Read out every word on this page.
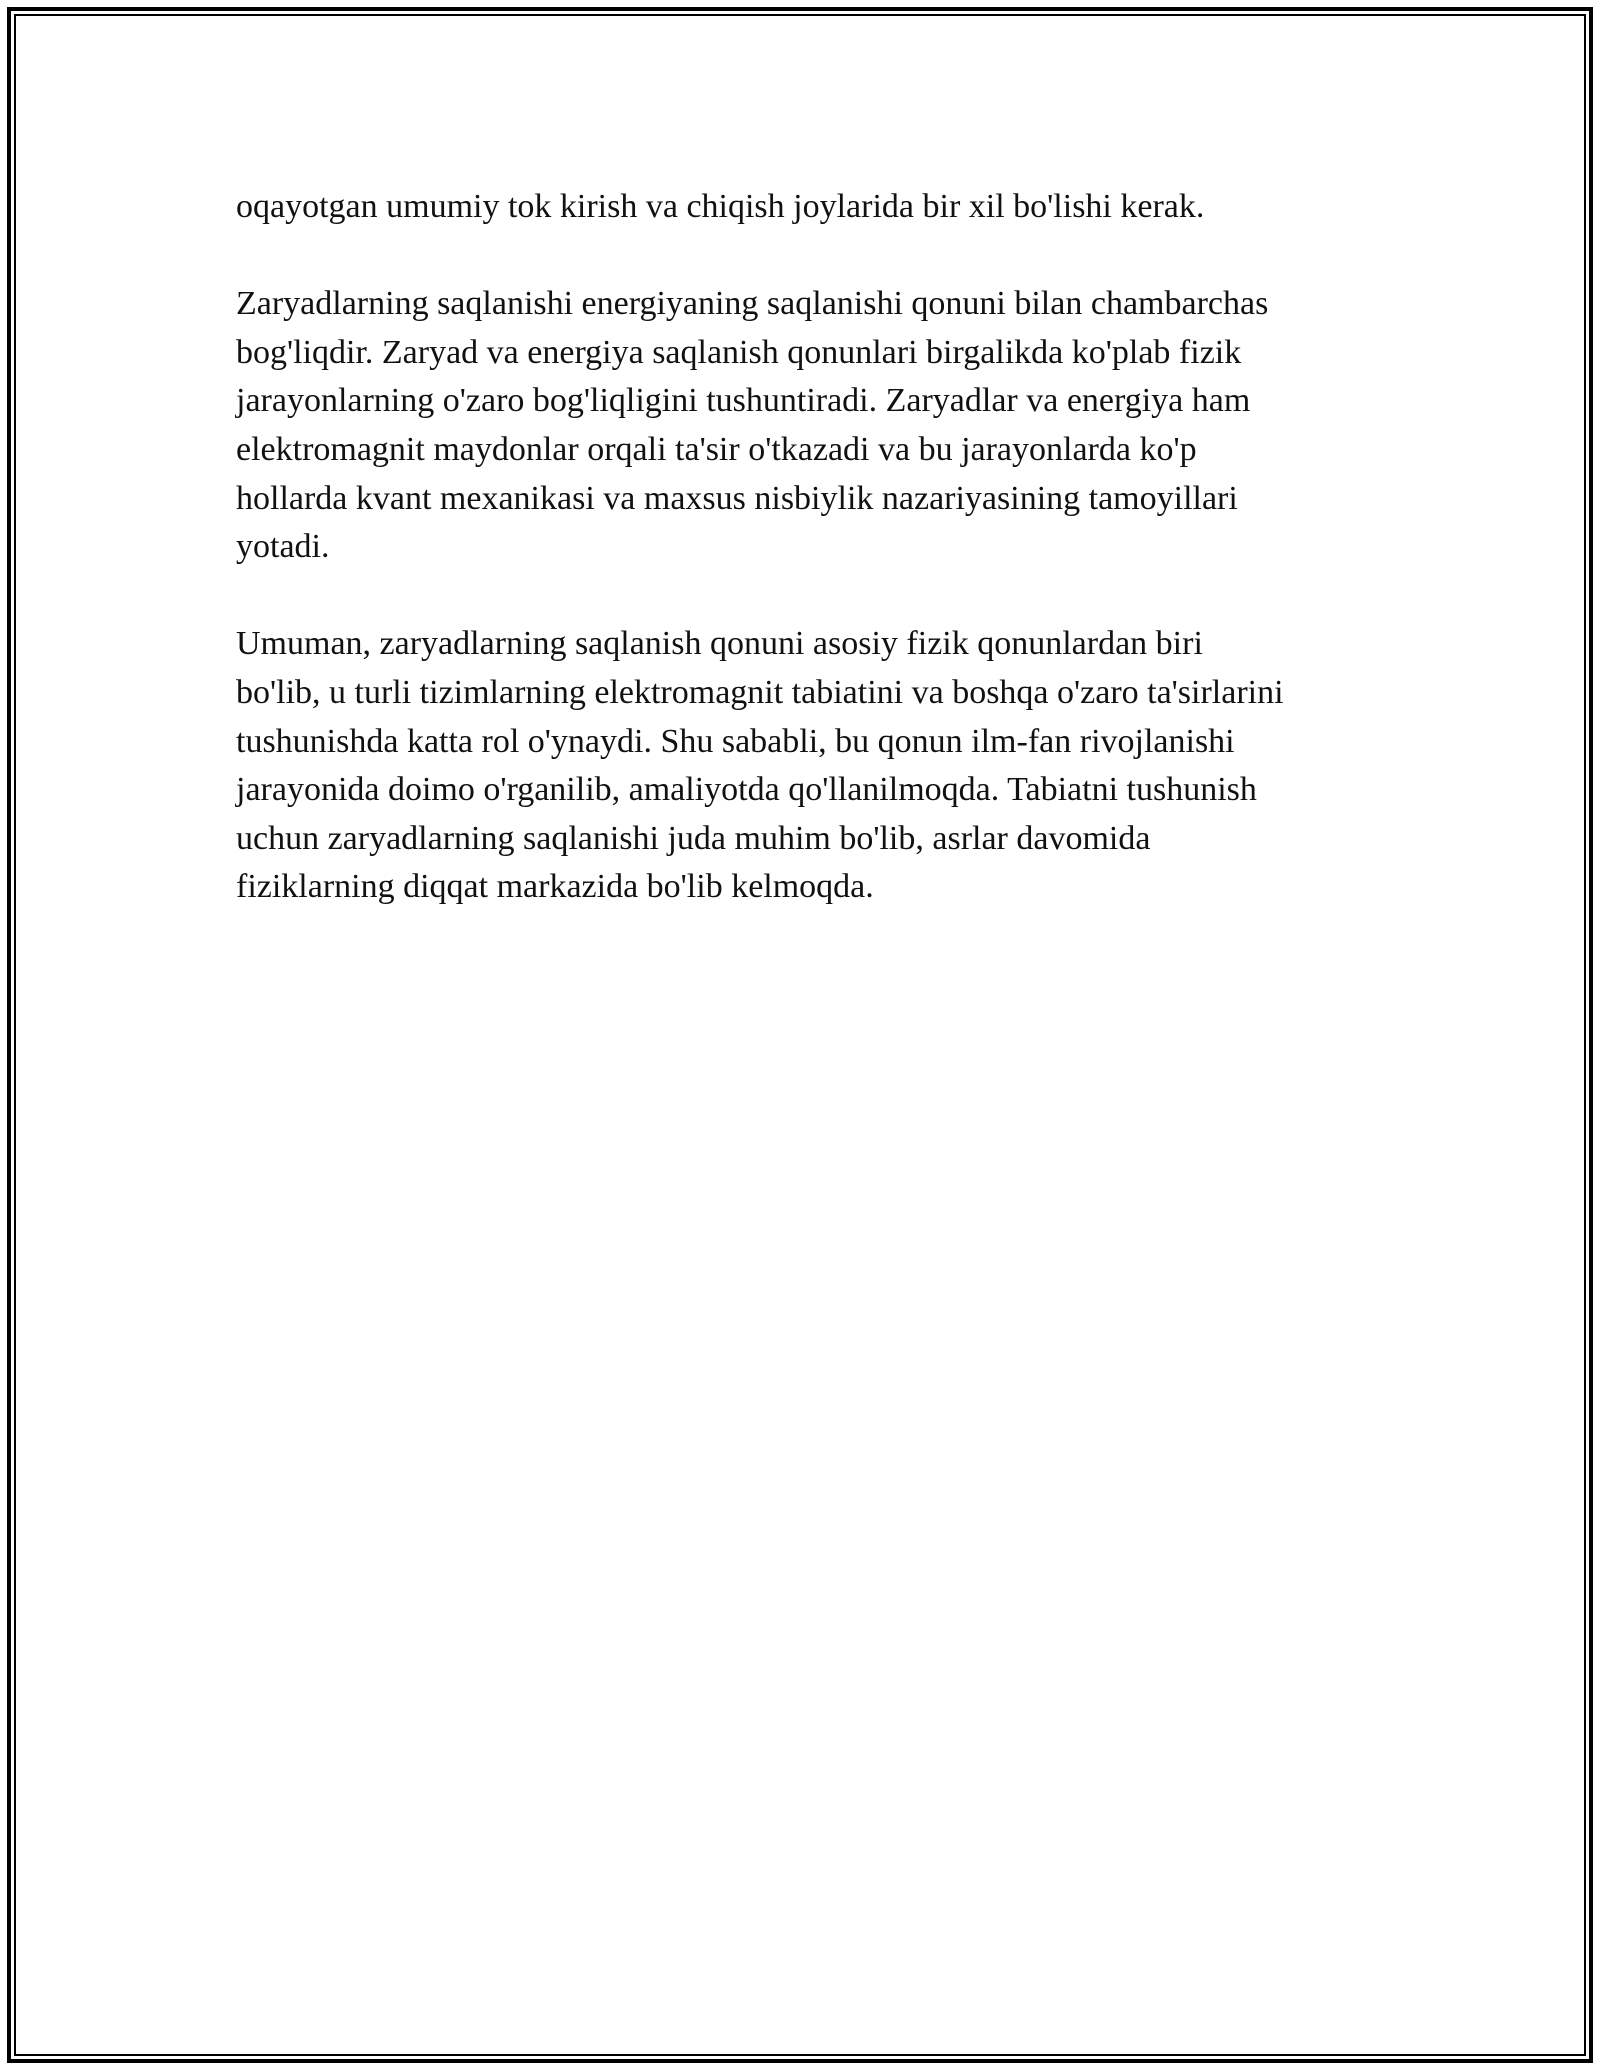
oqayotgan umumiy tok kirish va chiqish joylarida bir xil bo'lishi kerak.

Zaryadlarning saqlanishi energiyaning saqlanishi qonuni bilan chambarchas
bog'liqdir. Zaryad va energiya saqlanish qonunlari birgalikda ko'plab fizik
jarayonlarning o'zaro bog'liqligini tushuntiradi. Zaryadlar va energiya ham
elektromagnit maydonlar orqali ta'sir o'tkazadi va bu jarayonlarda ko'p
hollarda kvant mexanikasi va maxsus nisbiylik nazariyasining tamoyillari
yotadi.

Umuman, zaryadlarning saqlanish qonuni asosiy fizik qonunlardan biri
bo'lib, u turli tizimlarning elektromagnit tabiatini va boshqa o'zaro ta'sirlarini
tushunishda katta rol o'ynaydi. Shu sababli, bu qonun ilm-fan rivojlanishi
jarayonida doimo o'rganilib, amaliyotda qo'llanilmoqda. Tabiatni tushunish
uchun zaryadlarning saqlanishi juda muhim bo'lib, asrlar davomida
fiziklarning diqqat markazida bo'lib kelmoqda.
